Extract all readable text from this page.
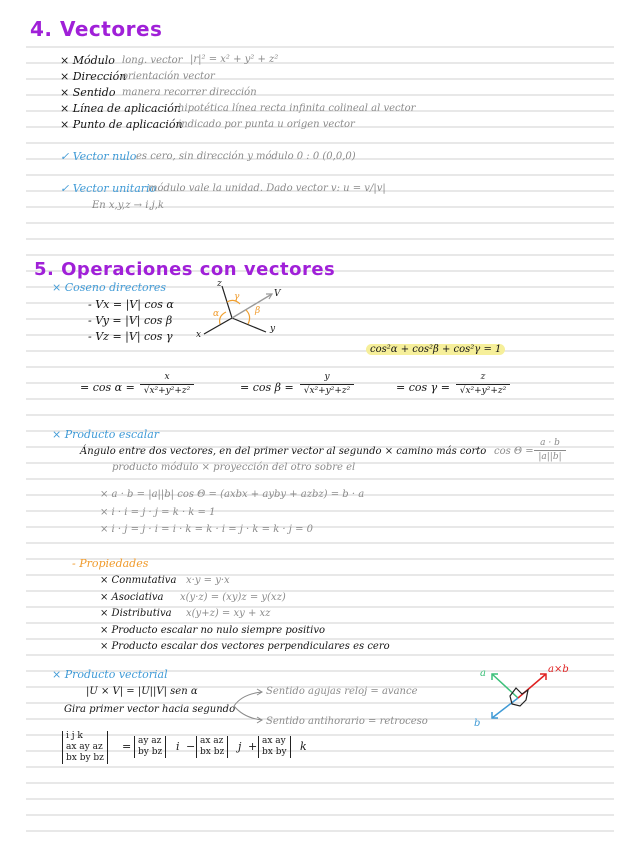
4. Vectores
× Módulo long. vector |r|² = x² + y² + z²
× Dirección
orientación vector
× Sentido manera recorrer dirección
× Línea de aplicación
hipotética línea recta infinita colineal al vector
× Punto de aplicación
indicado por punta u origen vector
✓ Vector nulo es cero, sin dirección y módulo 0 : 0 (0,0,0)
✓ Vector unitario
módulo vale la unidad. Dado vector v: u = v/|v|
En x,y,z → i,j,k
5. Operaciones con vectores
× Coseno directores
- Vx = |V| cos α
- Vy = |V| cos β
- Vz = |V| cos γ
z
x
y
V
γ
α	β
cos²α + cos²β + cos²γ = 1
= cos α =
x
√x²+y²+z²	= cos β =
y
√x²+y²+z²	= cos γ =
z
√x²+y²+z²
× Producto escalar
Ángulo entre dos vectores, en del primer vector al segundo × camino más corto
producto módulo × proyección del otro sobre el
cos Θ =
a · b
|a||b|
× a · b = |a||b| cos Θ = (axbx + ayby + azbz) = b · a
× i · i = j · j = k · k = 1
× i · j = j · i = i · k = k · i = j · k = k · j = 0
- Propiedades
× Conmutativa x·y = y·x
× Asociativa x(y·z) = (xy)z = y(xz)
× Distributiva x(y+z) = xy + xz
× Producto escalar no nulo siempre positivo
× Producto escalar dos vectores perpendiculares es cero
× Producto vectorial
|U × V| = |U||V| sen α
Gira primer vector hacia segundo
Sentido agujas reloj = avance
Sentido antihorario = retroceso
a
b
a×b
i j k
ax ay az
bx by bz
= ay az
by bz i − ax az
bx bz j + ax ay
bx by k
